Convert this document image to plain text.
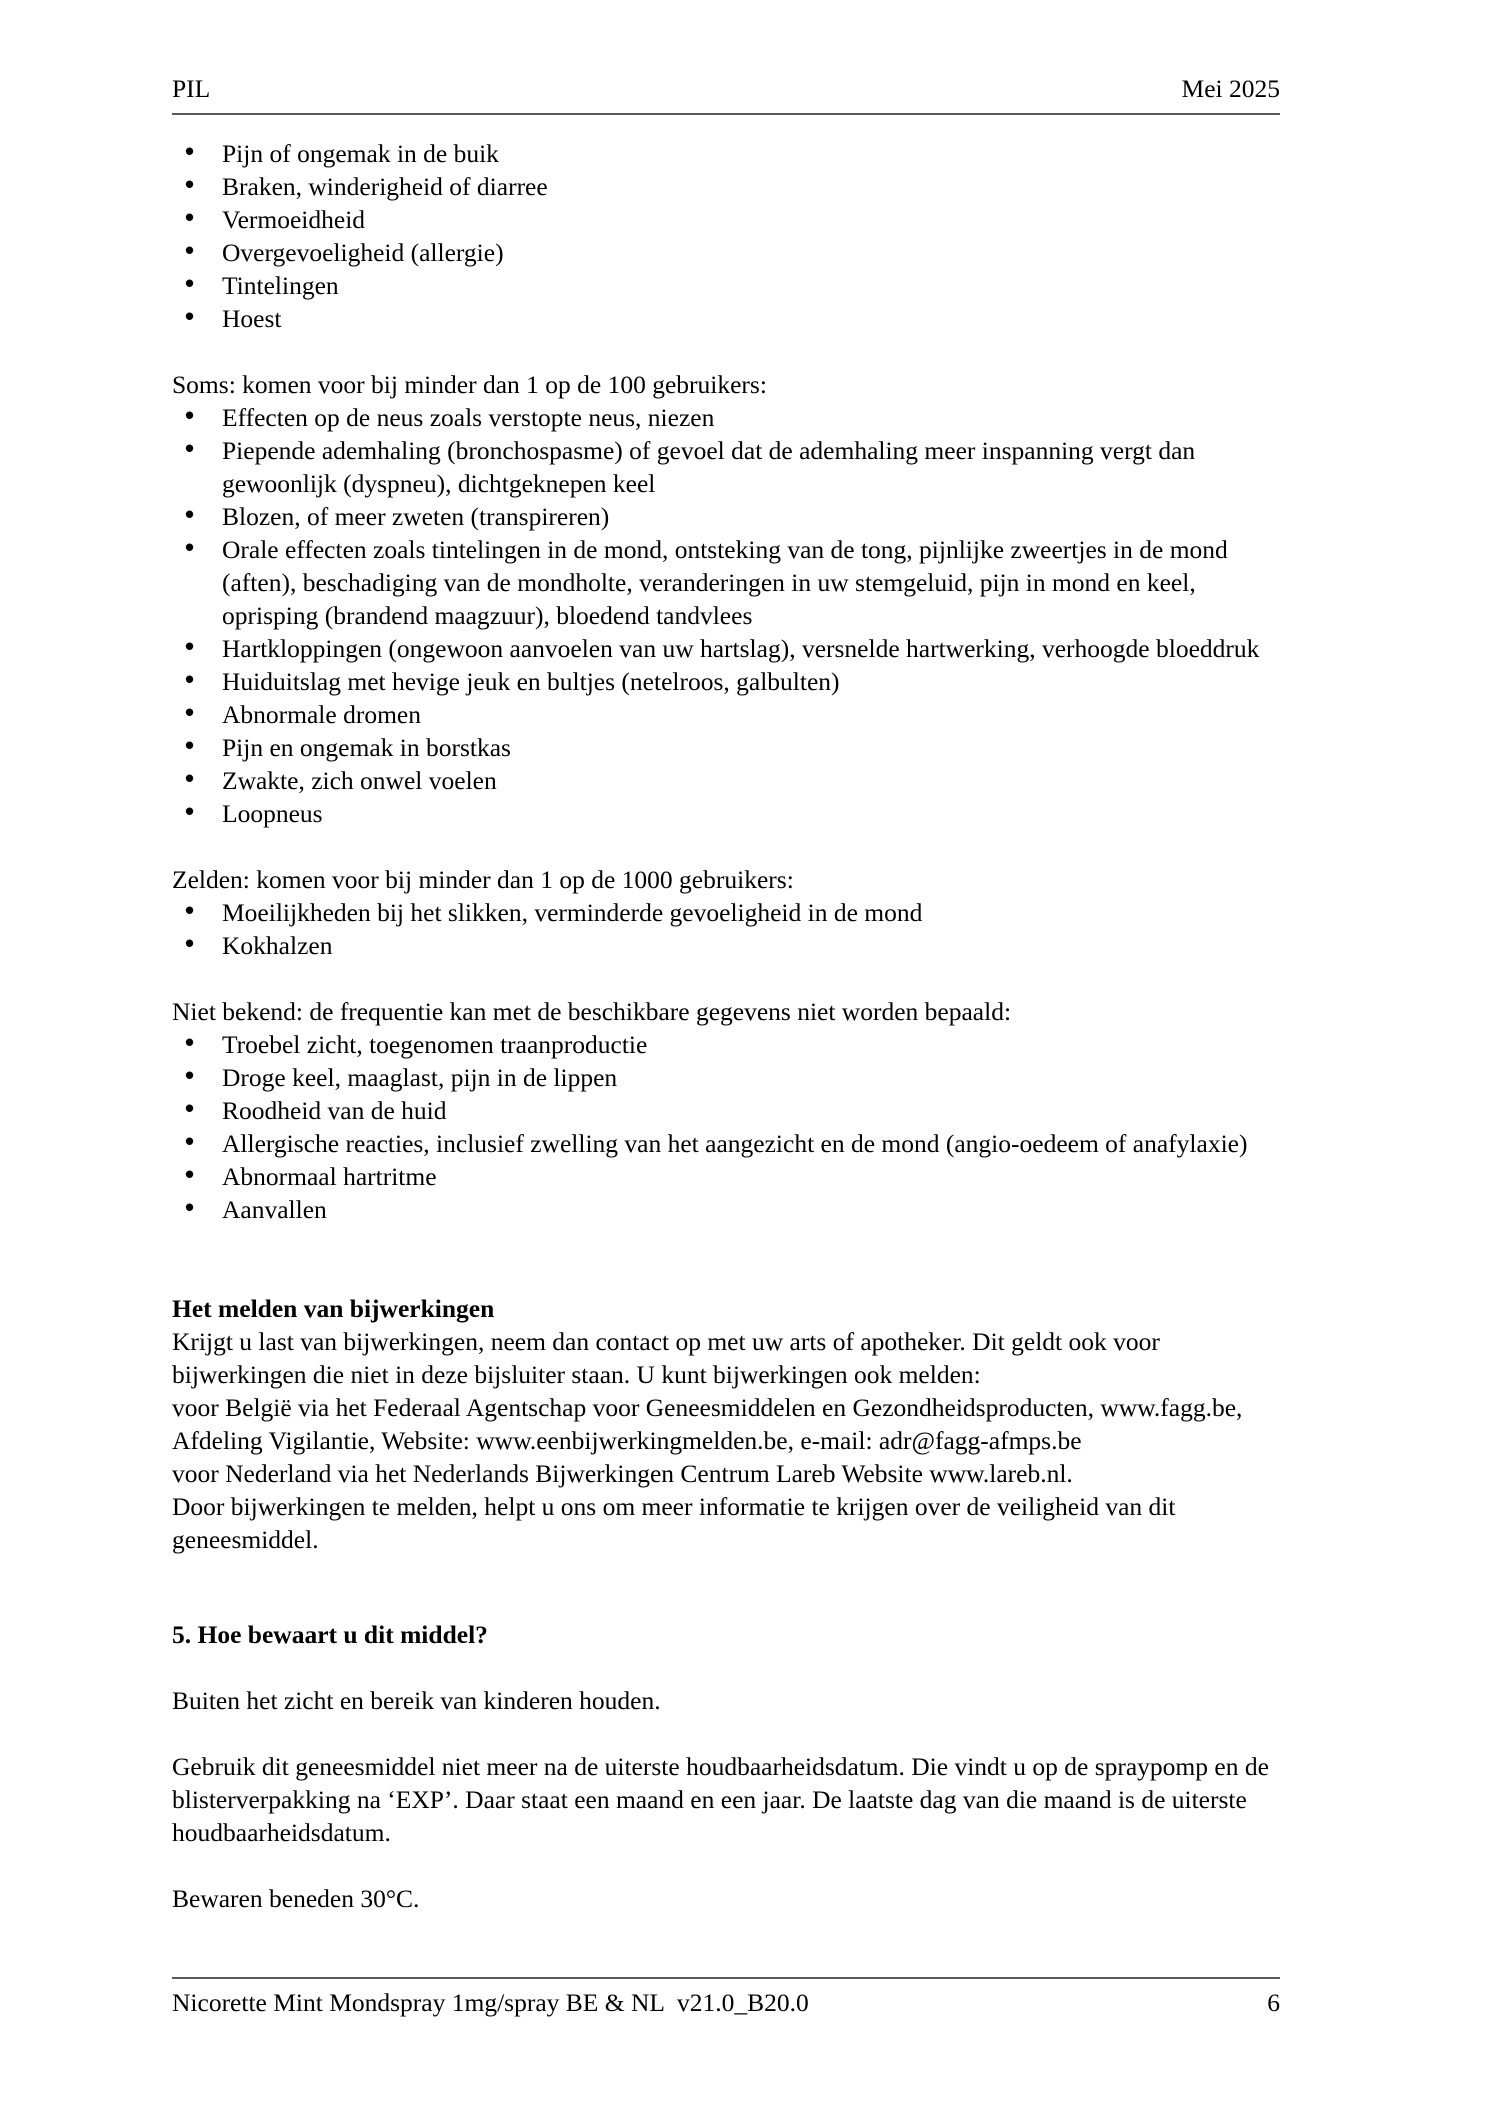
PIL	Mei 2025
• Pijn of ongemak in de buik
• Braken, winderigheid of diarree
• Vermoeidheid
• Overgevoeligheid (allergie)
• Tintelingen
• Hoest

Soms: komen voor bij minder dan 1 op de 100 gebruikers:

• Effecten op de neus zoals verstopte neus, niezen
• Piepende ademhaling (bronchospasme) of gevoel dat de ademhaling meer inspanning vergt dan gewoonlijk (dyspneu), dichtgeknepen keel
• Blozen, of meer zweten (transpireren)
• Orale effecten zoals tintelingen in de mond, ontsteking van de tong, pijnlijke zweertjes in de mond (aften), beschadiging van de mondholte, veranderingen in uw stemgeluid, pijn in mond en keel, oprisping (brandend maagzuur), bloedend tandvlees
• Hartkloppingen (ongewoon aanvoelen van uw hartslag), versnelde hartwerking, verhoogde bloeddruk
• Huiduitslag met hevige jeuk en bultjes (netelroos, galbulten)
• Abnormale dromen
• Pijn en ongemak in borstkas
• Zwakte, zich onwel voelen
• Loopneus

Zelden: komen voor bij minder dan 1 op de 1000 gebruikers:

• Moeilijkheden bij het slikken, verminderde gevoeligheid in de mond
• Kokhalzen

Niet bekend: de frequentie kan met de beschikbare gegevens niet worden bepaald:

• Troebel zicht, toegenomen traanproductie
• Droge keel, maaglast, pijn in de lippen
• Roodheid van de huid
• Allergische reacties, inclusief zwelling van het aangezicht en de mond (angio-oedeem of anafylaxie)
• Abnormaal hartritme
• Aanvallen

Het melden van bijwerkingen

Krijgt u last van bijwerkingen, neem dan contact op met uw arts of apotheker. Dit geldt ook voor bijwerkingen die niet in deze bijsluiter staan. U kunt bijwerkingen ook melden:

voor België via het Federaal Agentschap voor Geneesmiddelen en Gezondheidsproducten, www.fagg.be, Afdeling Vigilantie, Website: www.eenbijwerkingmelden.be, e-mail: adr@fagg-afmps.be

voor Nederland via het Nederlands Bijwerkingen Centrum Lareb Website www.lareb.nl.

Door bijwerkingen te melden, helpt u ons om meer informatie te krijgen over de veiligheid van dit geneesmiddel.

5. Hoe bewaart u dit middel?

Buiten het zicht en bereik van kinderen houden.

Gebruik dit geneesmiddel niet meer na de uiterste houdbaarheidsdatum. Die vindt u op de spraypomp en de blisterverpakking na ‘EXP’. Daar staat een maand en een jaar. De laatste dag van die maand is de uiterste houdbaarheidsdatum.

Bewaren beneden 30°C.

Nicorette Mint Mondspray 1mg/spray BE & NL v21.0_B20.0	6
